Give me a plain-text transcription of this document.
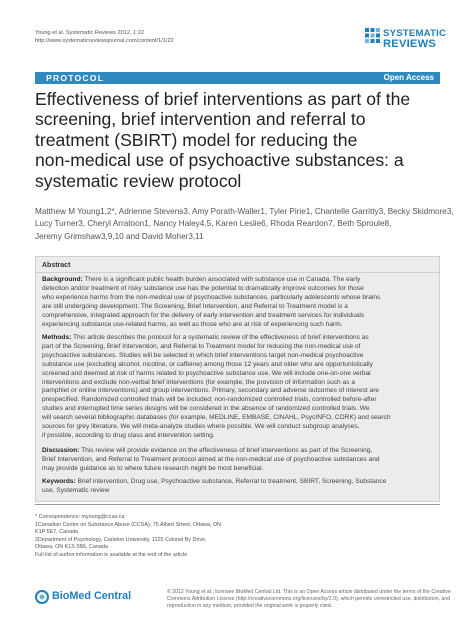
Young et al. Systematic Reviews 2012, 1:22
http://www.systematicreviewsjournal.com/content/1/1/22
SYSTEMATIC
REVIEWS
PROTOCOL	Open Access
Effectiveness of brief interventions as part of the
screening, brief intervention and referral to
treatment (SBIRT) model for reducing the
non-medical use of psychoactive substances: a
systematic review protocol
Matthew M Young1,2*, Adrienne Stevens3, Amy Porath-Waller1, Tyler Pirie1, Chantelle Garritty3, Becky Skidmore3,
Lucy Turner3, Cheryl Arratoon1, Nancy Haley4,5, Karen Leslie6, Rhoda Reardon7, Beth Sproule8,
Jeremy Grimshaw3,9,10 and David Moher3,11
Abstract
Background: There is a significant public health burden associated with substance use in Canada. The early
detection and/or treatment of risky substance use has the potential to dramatically improve outcomes for those
who experience harms from the non-medical use of psychoactive substances, particularly adolescents whose brains
are still undergoing development. The Screening, Brief Intervention, and Referral to Treatment model is a
comprehensive, integrated approach for the delivery of early intervention and treatment services for individuals
experiencing substance use-related harms, as well as those who are at risk of experiencing such harm.
Methods: This article describes the protocol for a systematic review of the effectiveness of brief interventions as
part of the Screening, Brief Intervention, and Referral to Treatment model for reducing the non-medical use of
psychoactive substances. Studies will be selected in which brief interventions target non-medical psychoactive
substance use (excluding alcohol, nicotine, or caffeine) among those 12 years and older who are opportunistically
screened and deemed at risk of harms related to psychoactive substance use. We will include one-on-one verbal
interventions and exclude non-verbal brief interventions (for example, the provision of information such as a
pamphlet or online interventions) and group interventions. Primary, secondary and adverse outcomes of interest are
prespecified. Randomized controlled trials will be included; non-randomized controlled trials, controlled before-after
studies and interrupted time series designs will be considered in the absence of randomized controlled trials. We
will search several bibliographic databases (for example, MEDLINE, EMBASE, CINAHL, PsycINFO, CORK) and search
sources for grey literature. We will meta-analyze studies where possible. We will conduct subgroup analyses,
if possible, according to drug class and intervention setting.
Discussion: This review will provide evidence on the effectiveness of brief interventions as part of the Screening,
Brief Intervention, and Referral to Treatment protocol aimed at the non-medical use of psychoactive substances and
may provide guidance as to where future research might be most beneficial.
Keywords: Brief intervention, Drug use, Psychoactive substance, Referral to treatment, SBIRT, Screening, Substance
use, Systematic review
* Correspondence: myoung@ccsa.ca
1Canadian Centre on Substance Abuse (CCSA), 75 Albert Street, Ottawa, ON
K1P 5E7, Canada
2Department of Psychology, Carleton University, 1125 Colonel By Drive,
Ottawa, ON K1S 5B6, Canada
Full list of author information is available at the end of the article
BioMed Central	© 2012 Young et al.; licensee BioMed Central Ltd. This is an Open Access article distributed under the terms of the Creative
Commons Attribution License (http://creativecommons.org/licenses/by/2.0), which permits unrestricted use, distribution, and
reproduction in any medium, provided the original work is properly cited.
